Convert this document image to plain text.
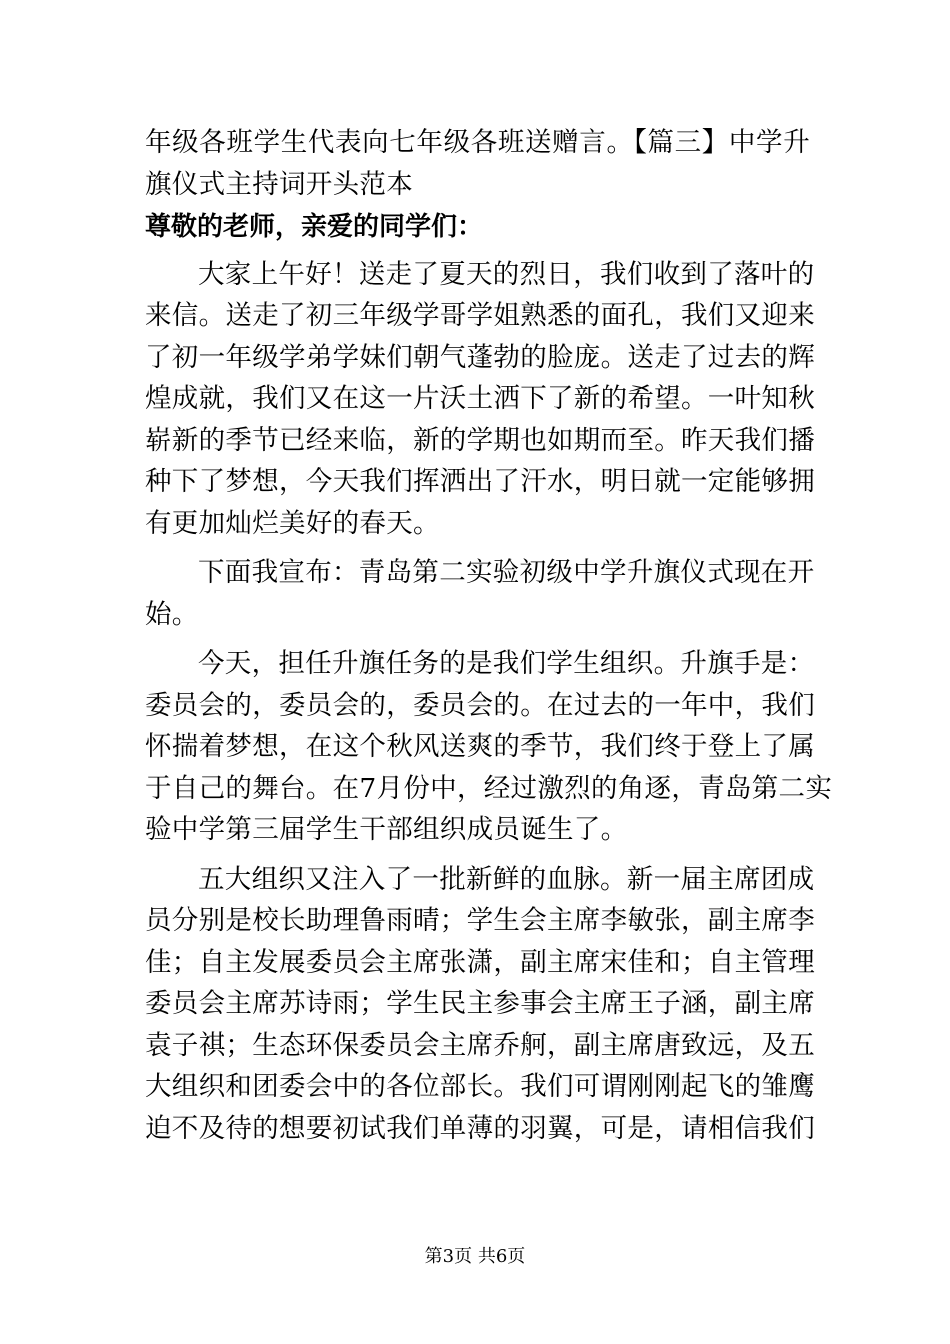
年级各班学生代表向七年级各班送赠言。【篇三】中学升
旗仪式主持词开头范本
尊敬的老师，亲爱的同学们：
大家上午好！送走了夏天的烈日，我们收到了落叶的
来信。送走了初三年级学哥学姐熟悉的面孔，我们又迎来
了初一年级学弟学妹们朝气蓬勃的脸庞。送走了过去的辉
煌成就，我们又在这一片沃土洒下了新的希望。一叶知秋
崭新的季节已经来临，新的学期也如期而至。昨天我们播
种下了梦想，今天我们挥洒出了汗水，明日就一定能够拥
有更加灿烂美好的春天。
下面我宣布：青岛第二实验初级中学升旗仪式现在开
始。
今天，担任升旗任务的是我们学生组织。升旗手是：
委员会的，委员会的，委员会的。在过去的一年中，我们
怀揣着梦想，在这个秋风送爽的季节，我们终于登上了属
于自己的舞台。在7月份中，经过激烈的角逐，青岛第二实
验中学第三届学生干部组织成员诞生了。
五大组织又注入了一批新鲜的血脉。新一届主席团成
员分别是校长助理鲁雨晴；学生会主席李敏张，副主席李
佳；自主发展委员会主席张潇，副主席宋佳和；自主管理
委员会主席苏诗雨；学生民主参事会主席王子涵，副主席
袁子祺；生态环保委员会主席乔舸，副主席唐致远，及五
大组织和团委会中的各位部长。我们可谓刚刚起飞的雏鹰
迫不及待的想要初试我们单薄的羽翼，可是，请相信我们
第3页 共6页
